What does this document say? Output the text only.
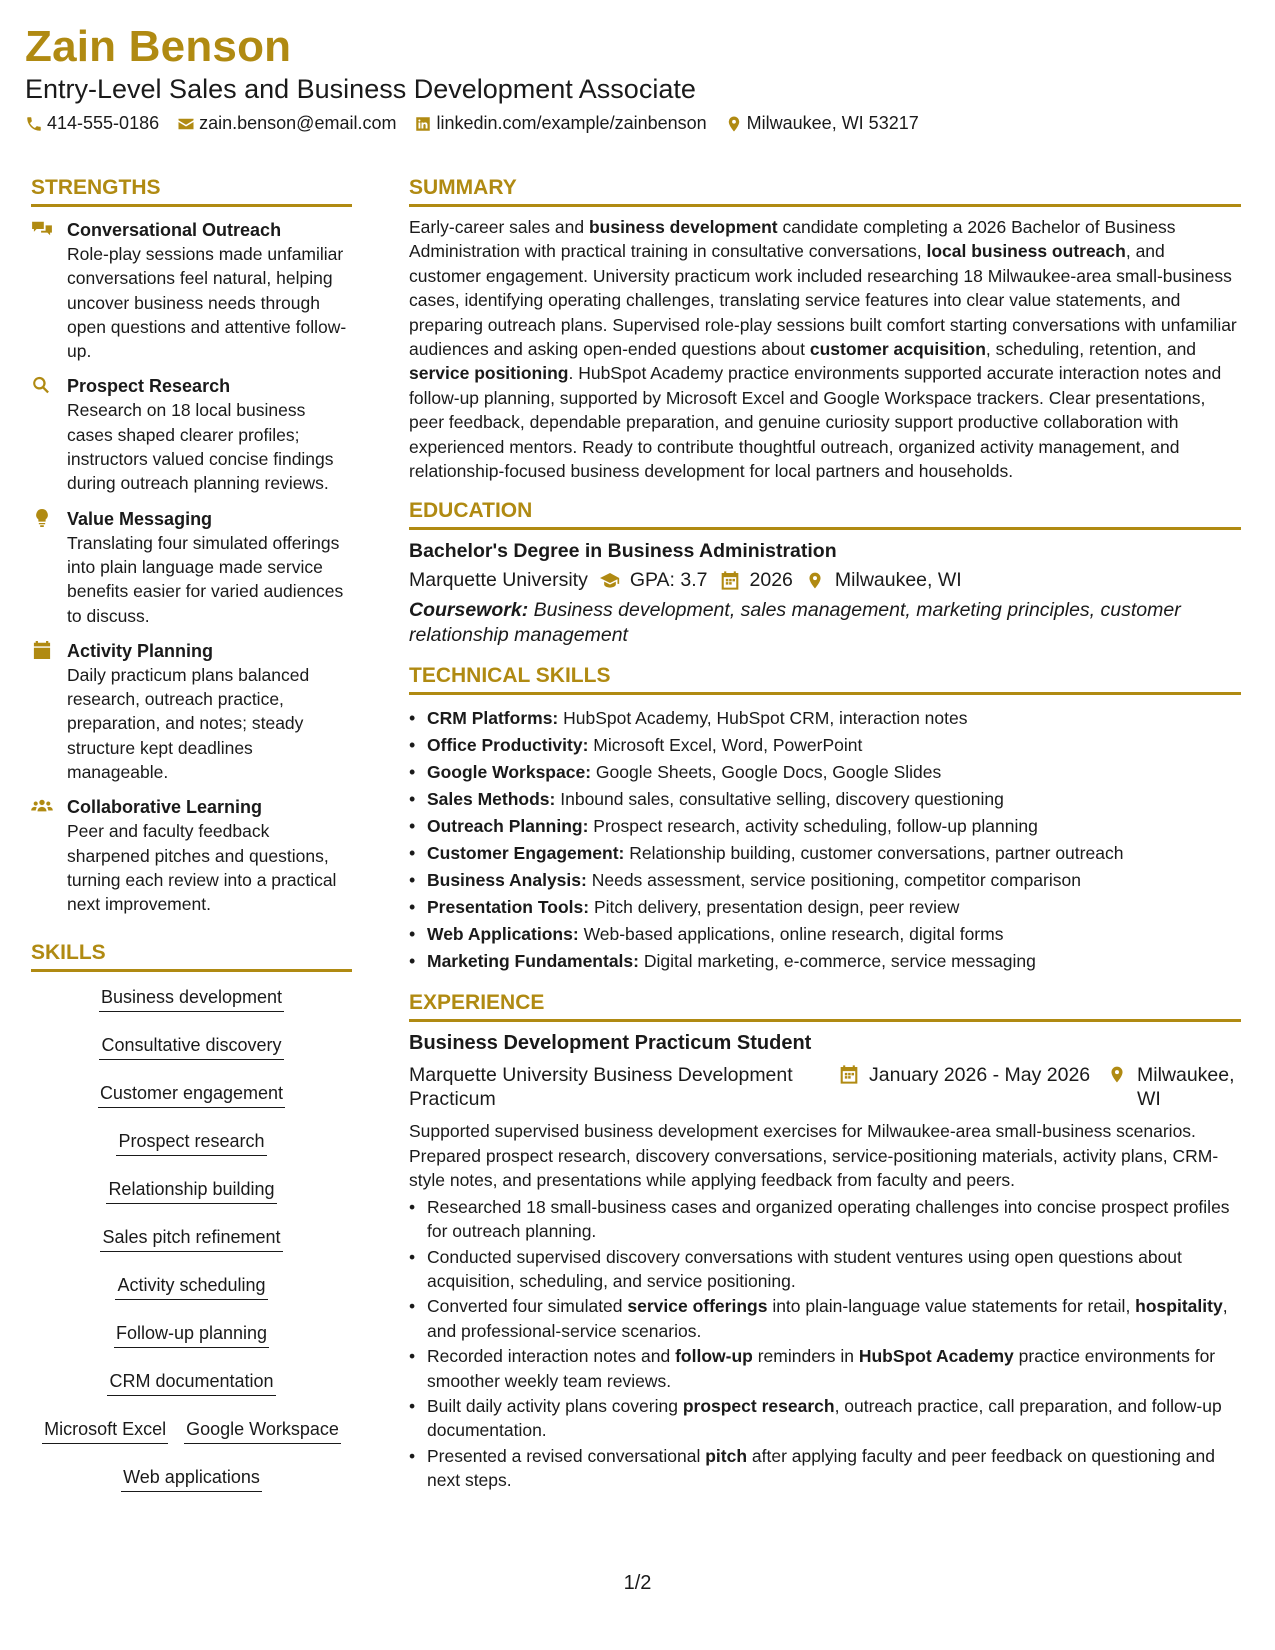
Zain Benson
Entry-Level Sales and Business Development Associate
414-555-0186 zain.benson@email.com linkedin.com/example/zainbenson Milwaukee, WI 53217
STRENGTHS
Conversational Outreach
Role-play sessions made unfamiliar conversations feel natural, helping uncover business needs through open questions and attentive follow-up.
Prospect Research
Research on 18 local business cases shaped clearer profiles; instructors valued concise findings during outreach planning reviews.
Value Messaging
Translating four simulated offerings into plain language made service benefits easier for varied audiences to discuss.
Activity Planning
Daily practicum plans balanced research, outreach practice, preparation, and notes; steady structure kept deadlines manageable.
Collaborative Learning
Peer and faculty feedback sharpened pitches and questions, turning each review into a practical next improvement.
SKILLS
Business development
Consultative discovery
Customer engagement
Prospect research
Relationship building
Sales pitch refinement
Activity scheduling
Follow-up planning
CRM documentation
Microsoft Excel Google Workspace
Web applications
SUMMARY
Early-career sales and business development candidate completing a 2026 Bachelor of Business Administration with practical training in consultative conversations, local business outreach, and customer engagement. University practicum work included researching 18 Milwaukee-area small-business cases, identifying operating challenges, translating service features into clear value statements, and preparing outreach plans. Supervised role-play sessions built comfort starting conversations with unfamiliar audiences and asking open-ended questions about customer acquisition, scheduling, retention, and service positioning. HubSpot Academy practice environments supported accurate interaction notes and follow-up planning, supported by Microsoft Excel and Google Workspace trackers. Clear presentations, peer feedback, dependable preparation, and genuine curiosity support productive collaboration with experienced mentors. Ready to contribute thoughtful outreach, organized activity management, and relationship-focused business development for local partners and households.
EDUCATION
Bachelor's Degree in Business Administration
Marquette University GPA: 3.7 2026 Milwaukee, WI
Coursework: Business development, sales management, marketing principles, customer relationship management
TECHNICAL SKILLS
• CRM Platforms: HubSpot Academy, HubSpot CRM, interaction notes
• Office Productivity: Microsoft Excel, Word, PowerPoint
• Google Workspace: Google Sheets, Google Docs, Google Slides
• Sales Methods: Inbound sales, consultative selling, discovery questioning
• Outreach Planning: Prospect research, activity scheduling, follow-up planning
• Customer Engagement: Relationship building, customer conversations, partner outreach
• Business Analysis: Needs assessment, service positioning, competitor comparison
• Presentation Tools: Pitch delivery, presentation design, peer review
• Web Applications: Web-based applications, online research, digital forms
• Marketing Fundamentals: Digital marketing, e-commerce, service messaging
EXPERIENCE
Business Development Practicum Student
Marquette University Business Development Practicum
January 2026 - May 2026 Milwaukee, WI
Supported supervised business development exercises for Milwaukee-area small-business scenarios. Prepared prospect research, discovery conversations, service-positioning materials, activity plans, CRM-style notes, and presentations while applying feedback from faculty and peers.
• Researched 18 small-business cases and organized operating challenges into concise prospect profiles for outreach planning.
• Conducted supervised discovery conversations with student ventures using open questions about acquisition, scheduling, and service positioning.
• Converted four simulated service offerings into plain-language value statements for retail, hospitality, and professional-service scenarios.
• Recorded interaction notes and follow-up reminders in HubSpot Academy practice environments for smoother weekly team reviews.
• Built daily activity plans covering prospect research, outreach practice, call preparation, and follow-up documentation.
• Presented a revised conversational pitch after applying faculty and peer feedback on questioning and next steps.
1/2
